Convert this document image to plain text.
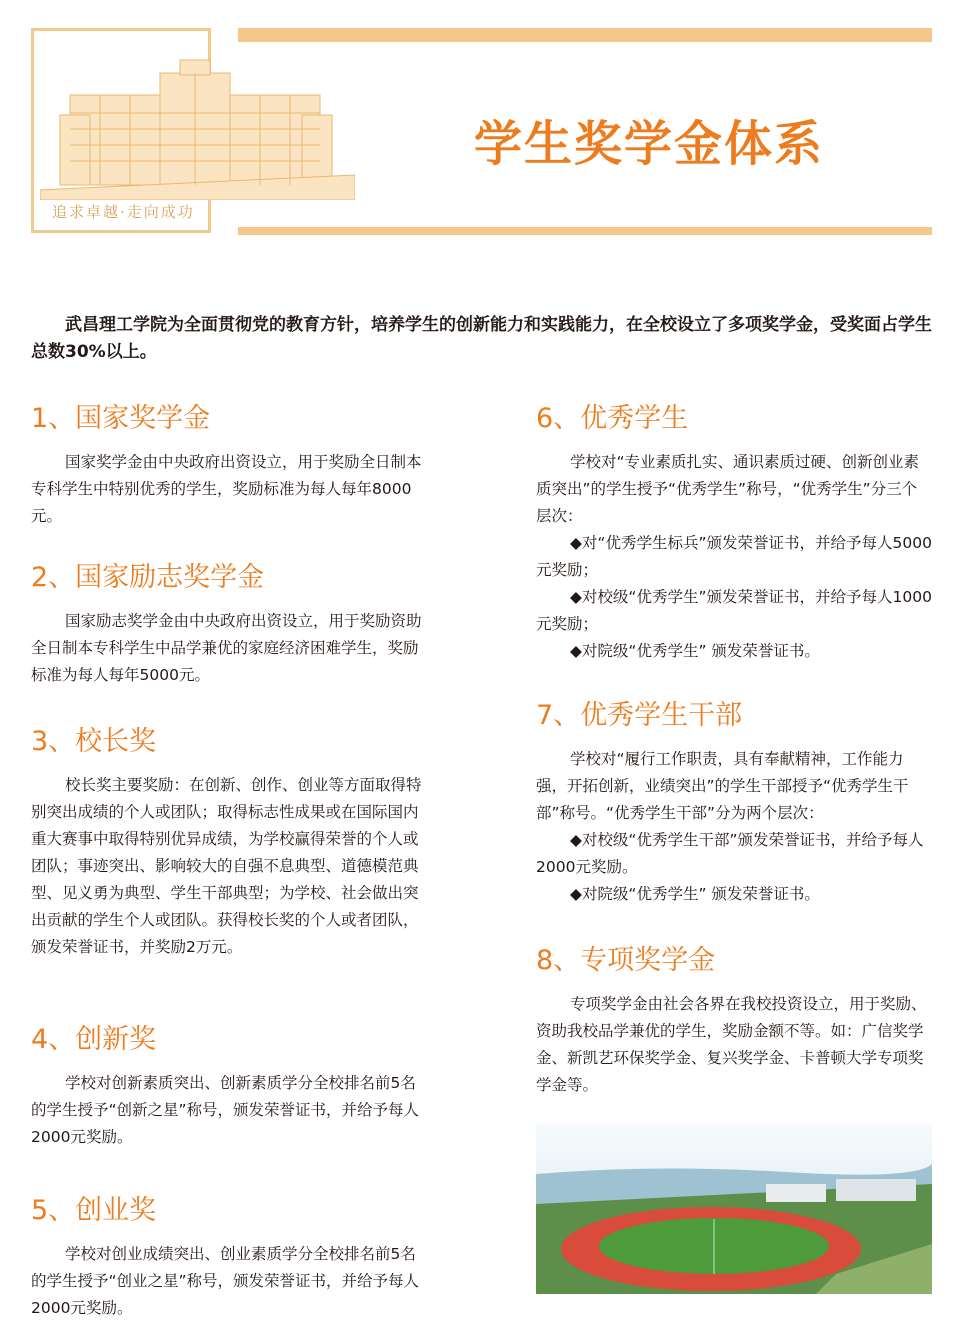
追求卓越·走向成功
学生奖学金体系

武昌理工学院为全面贯彻党的教育方针，培养学生的创新能力和实践能力，在全校设立了多项奖学金，受奖面占学生总数30%以上。

1、国家奖学金

国家奖学金由中央政府出资设立，用于奖励全日制本专科学生中特别优秀的学生，奖励标准为每人每年8000元。

2、国家励志奖学金

国家励志奖学金由中央政府出资设立，用于奖励资助全日制本专科学生中品学兼优的家庭经济困难学生，奖励标准为每人每年5000元。

3、校长奖

校长奖主要奖励：在创新、创作、创业等方面取得特别突出成绩的个人或团队；取得标志性成果或在国际国内重大赛事中取得特别优异成绩，为学校赢得荣誉的个人或团队；事迹突出、影响较大的自强不息典型、道德模范典型、见义勇为典型、学生干部典型；为学校、社会做出突出贡献的学生个人或团队。获得校长奖的个人或者团队，颁发荣誉证书，并奖励2万元。

4、创新奖

学校对创新素质突出、创新素质学分全校排名前5名的学生授予“创新之星”称号，颁发荣誉证书，并给予每人2000元奖励。

5、创业奖

学校对创业成绩突出、创业素质学分全校排名前5名的学生授予“创业之星”称号，颁发荣誉证书，并给予每人2000元奖励。

6、优秀学生

学校对“专业素质扎实、通识素质过硬、创新创业素质突出”的学生授予“优秀学生”称号，“优秀学生”分三个层次：

◆对“优秀学生标兵”颁发荣誉证书，并给予每人5000元奖励；

◆对校级“优秀学生”颁发荣誉证书，并给予每人1000元奖励；

◆对院级“优秀学生” 颁发荣誉证书。

7、优秀学生干部

学校对“履行工作职责，具有奉献精神，工作能力强，开拓创新，业绩突出”的学生干部授予“优秀学生干部”称号。“优秀学生干部”分为两个层次：

◆对校级“优秀学生干部”颁发荣誉证书，并给予每人2000元奖励。

◆对院级“优秀学生” 颁发荣誉证书。

8、专项奖学金

专项奖学金由社会各界在我校投资设立，用于奖励、资助我校品学兼优的学生，奖励金额不等。如：广信奖学金、新凯艺环保奖学金、复兴奖学金、卡普顿大学专项奖学金等。
